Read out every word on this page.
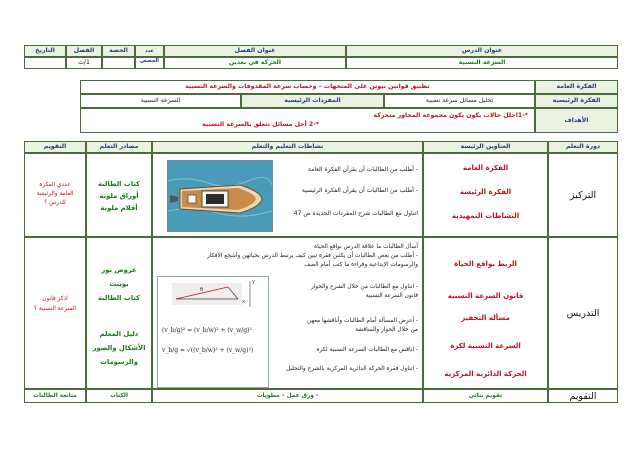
عنوان الدرس
السرعة النسبية
عنوان الفصل
الحركة في بعدين
عدد الحصص
الحصة
الفصل
1/ث
التاريخ
الفكرة العامة
تطبيق قوانين نيوتن على المتجهات – وحساب سرعة المقذوفات والسرعة النسبية
الفكرة الرئيسية
تحليل مسائل سرعة نسبية
المفردات الرئيسية
السرعة النسبية
الأهداف
*-1احلل حالات يكون بكون مجموعة المحاور متحركة
*-2 أحل مسائل تتعلق بالسرعة النسبية
دورة التعلم
العناوين الرئيسة
نشاطات التعليم والتعلم
مصادر التعلم
التقويم
التركيز
الفكرة العامة
الفكرة الرئيسة
النشاطات التمهيدية
- أطلب من الطالبات أن يقرأن الفكرة العامة
- أطلب من الطالبات أن يقرأن الفكرة الرئيسية
اتناول مع الطالبات شرح المفردات الجديدة ص 47
كتاب الطالبة
أوراق ملونة
أقلام ملونة
عددي الفكرة
العامة والرئيسة
للدرس ؟
التدريس
الربط بواقع الحياة
قانون السرعة النسبية
مسألة التحفيز
السرعة النسبية لكرة
الحركة الدائرية المركزية
أسأل الطالبات ما علاقة الدرس بواقع الحياة
- أطلب من بعض الطالبات أن يكتبن فقرة تبين كيف يرتبط الدرس بحياتهن وأشجع الأفكار
والرسومات الإبداعية وقراءة ما كتب أمام الصف
θ
x
y
(v_b/g)² = (v_b/w)² + (v_w/g)²
v_b/g = √((v_b/w)² + (v_w/g)²)
- اتناول مع الطالبات من خلال الشرح والحوار
قانون السرعة النسبية
- أعرض المسألة أمام الطالبات وأناقشها معهن
من خلال الحوار والمناقشة
- اناقش مع الطالبات السرعة النسبية لكرة
- اتناول فقرة الحركة الدائرية المركزية بالشرح والتحليل
عروض بور
بوينت
كتاب الطالبة
دليل المعلم
الأشكال والصور
والرسومات
اذكر قانون
السرعة النسبية ؟
التقويم
تقويم بنائي
- ورق عمل – مطويات
الكتاب
متابعة الطالبات
